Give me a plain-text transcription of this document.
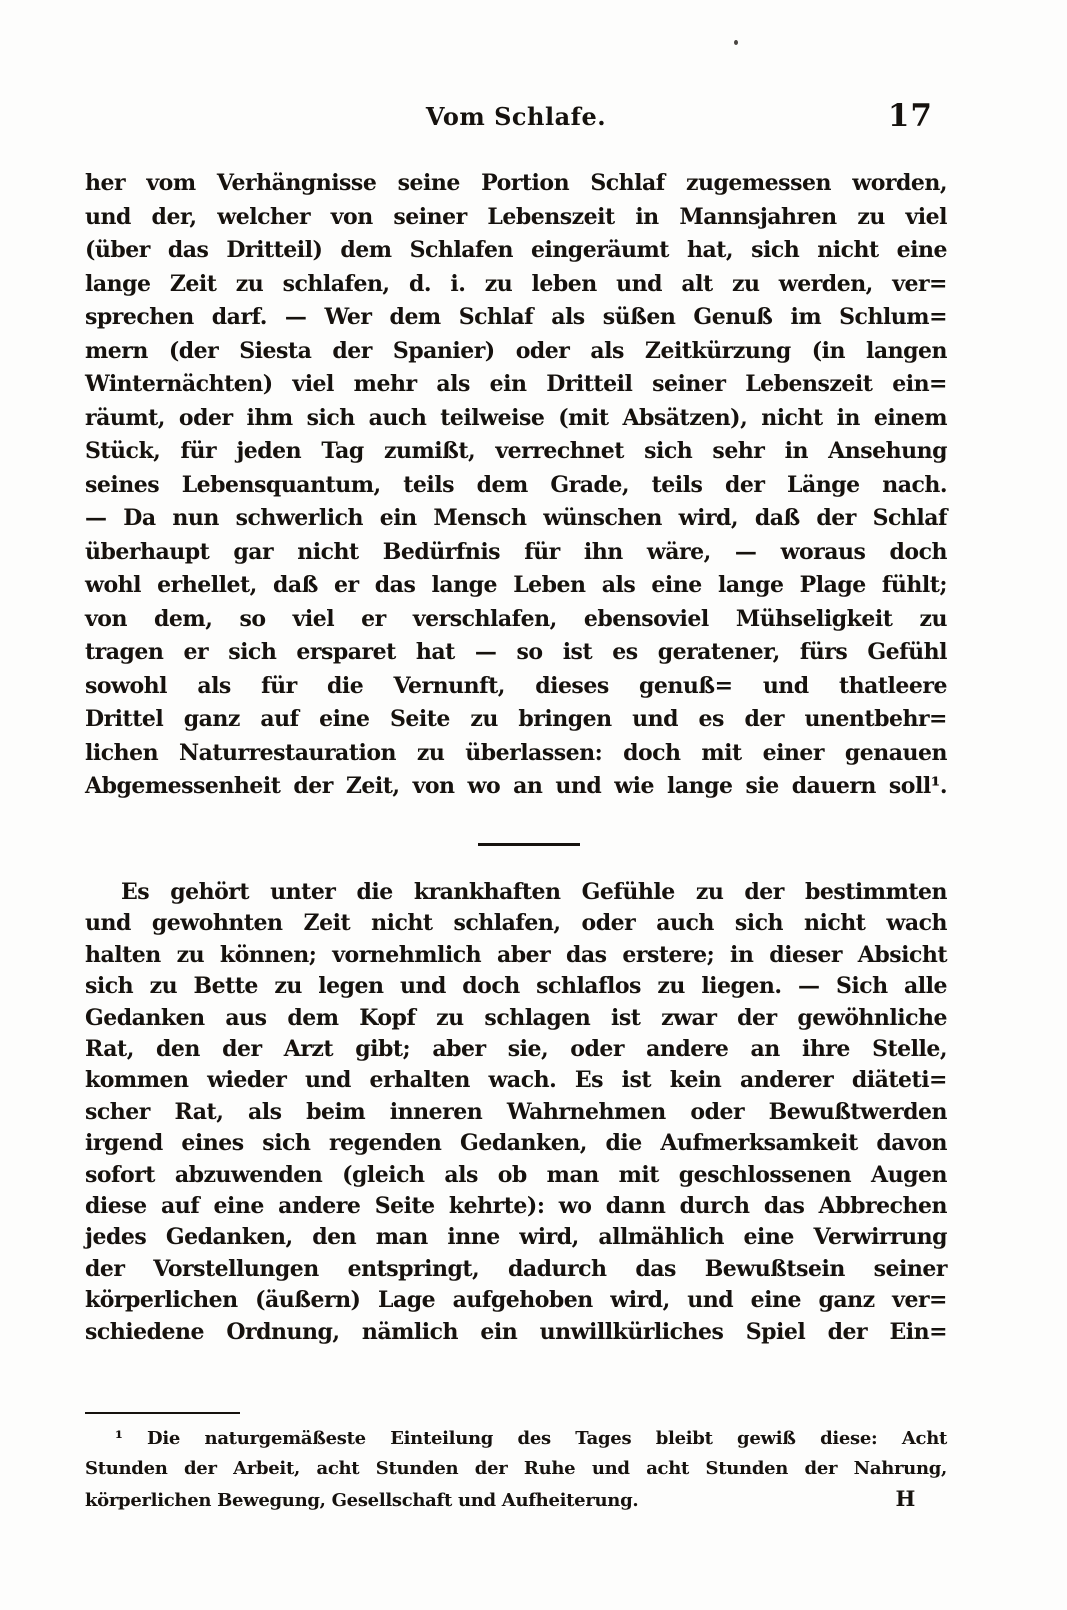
Vom Schlafe.	17
her vom Verhängnisse seine Portion Schlaf zugemessen worden,
und der, welcher von seiner Lebenszeit in Mannsjahren zu viel
(über das Dritteil) dem Schlafen eingeräumt hat, sich nicht eine
lange Zeit zu schlafen, d. i. zu leben und alt zu werden, ver=
sprechen darf. — Wer dem Schlaf als süßen Genuß im Schlum=
mern (der Siesta der Spanier) oder als Zeitkürzung (in langen
Winternächten) viel mehr als ein Dritteil seiner Lebenszeit ein=
räumt, oder ihm sich auch teilweise (mit Absätzen), nicht in einem
Stück, für jeden Tag zumißt, verrechnet sich sehr in Ansehung
seines Lebensquantum, teils dem Grade, teils der Länge nach.
— Da nun schwerlich ein Mensch wünschen wird, daß der Schlaf
überhaupt gar nicht Bedürfnis für ihn wäre, — woraus doch
wohl erhellet, daß er das lange Leben als eine lange Plage fühlt;
von dem, so viel er verschlafen, ebensoviel Mühseligkeit zu
tragen er sich ersparet hat — so ist es geratener, fürs Gefühl
sowohl als für die Vernunft, dieses genuß= und thatleere
Drittel ganz auf eine Seite zu bringen und es der unentbehr=
lichen Naturrestauration zu überlassen: doch mit einer genauen
Abgemessenheit der Zeit, von wo an und wie lange sie dauern soll¹.
Es gehört unter die krankhaften Gefühle zu der bestimmten
und gewohnten Zeit nicht schlafen, oder auch sich nicht wach
halten zu können; vornehmlich aber das erstere; in dieser Absicht
sich zu Bette zu legen und doch schlaflos zu liegen. — Sich alle
Gedanken aus dem Kopf zu schlagen ist zwar der gewöhnliche
Rat, den der Arzt gibt; aber sie, oder andere an ihre Stelle,
kommen wieder und erhalten wach. Es ist kein anderer diäteti=
scher Rat, als beim inneren Wahrnehmen oder Bewußtwerden
irgend eines sich regenden Gedanken, die Aufmerksamkeit davon
sofort abzuwenden (gleich als ob man mit geschlossenen Augen
diese auf eine andere Seite kehrte): wo dann durch das Abbrechen
jedes Gedanken, den man inne wird, allmählich eine Verwirrung
der Vorstellungen entspringt, dadurch das Bewußtsein seiner
körperlichen (äußern) Lage aufgehoben wird, und eine ganz ver=
schiedene Ordnung, nämlich ein unwillkürliches Spiel der Ein=
¹ Die naturgemäßeste Einteilung des Tages bleibt gewiß diese: Acht
Stunden der Arbeit, acht Stunden der Ruhe und acht Stunden der Nahrung,
körperlichen Bewegung, Gesellschaft und Aufheiterung.	H
